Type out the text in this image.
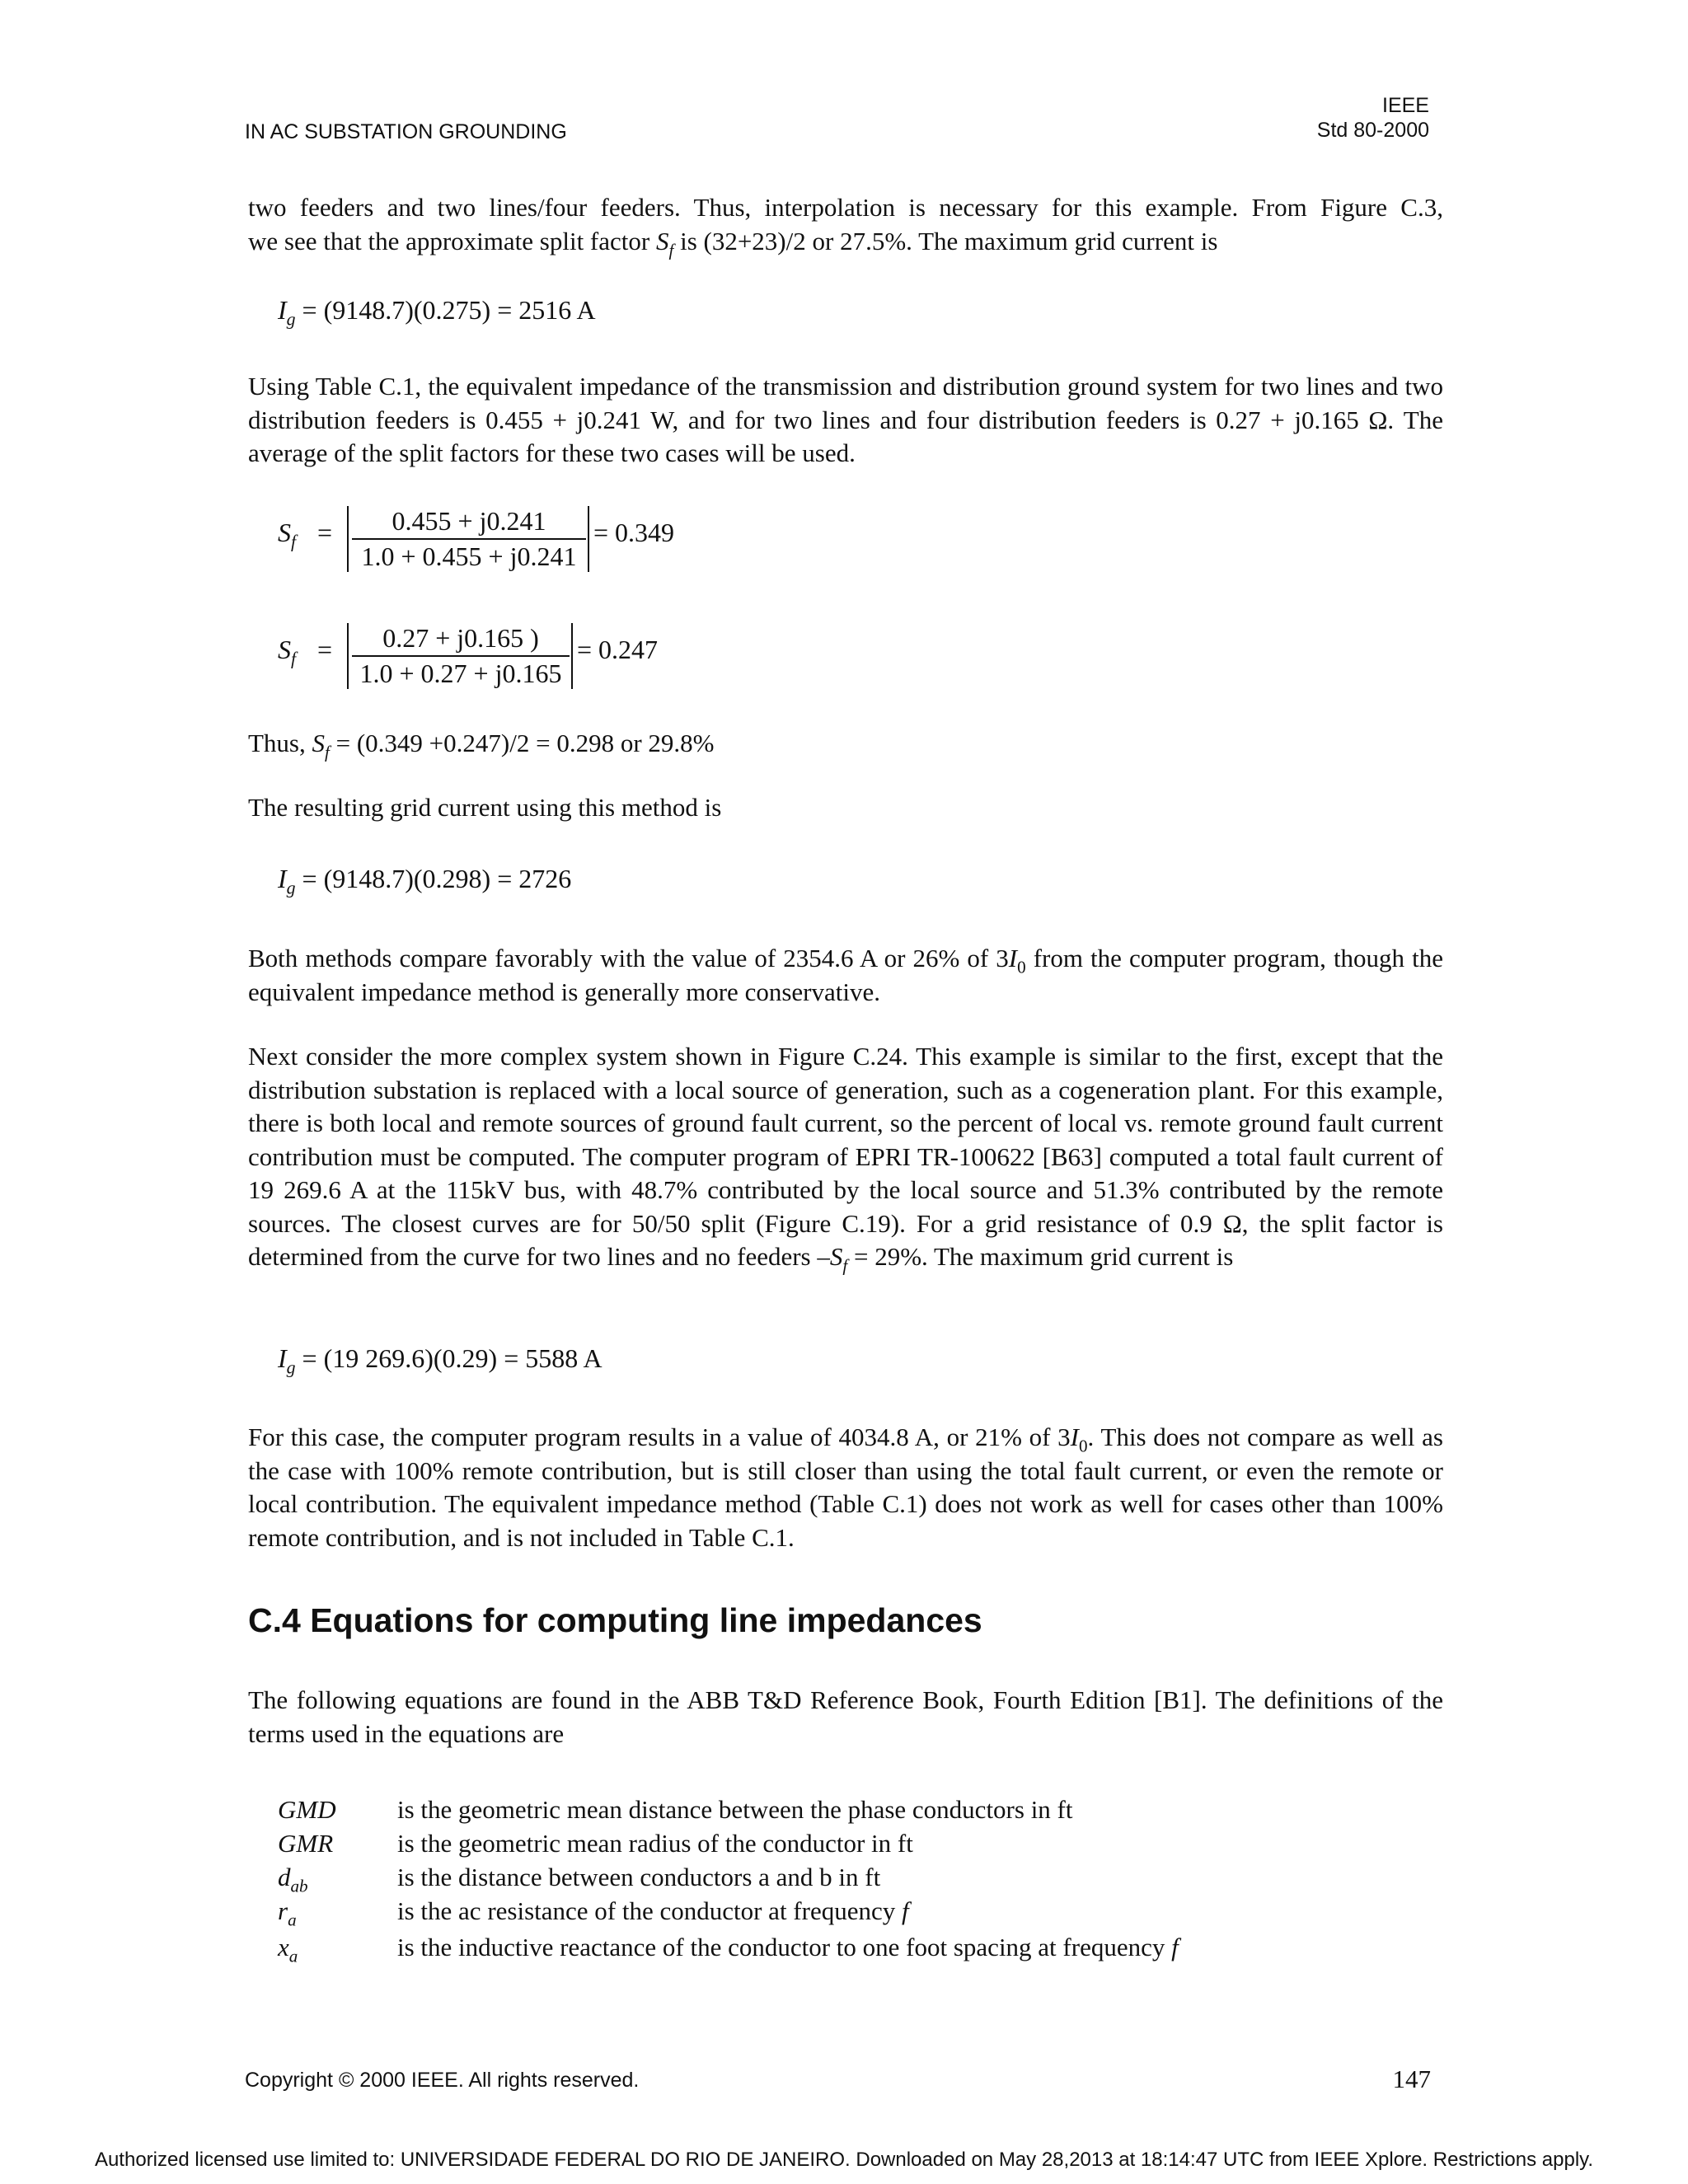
IN AC SUBSTATION GROUNDING
IEEE
Std 80-2000
two feeders and two lines/four feeders. Thus, interpolation is necessary for this example. From Figure C.3,
we see that the approximate split factor $S_f$ is (32+23)/2 or 27.5%. The maximum grid current is
$I_g = (9148.7)(0.275) = 2516$ A
Using Table C.1, the equivalent impedance of the transmission and distribution ground system for two lines and two distribution feeders is 0.455 + j0.241 W, and for two lines and four distribution feeders is 0.27 + j0.165 Ω. The average of the split factors for these two cases will be used.
$S_f = \frac{0.455 + j0.241}{1.0 + 0.455 + j0.241} = 0.349$
$S_f = \frac{0.27 + j0.165 )}{1.0 + 0.27 + j0.165} = 0.247$
Thus, $S_f = (0.349 +0.247)/2 = 0.298$ or 29.8%
The resulting grid current using this method is
$I_g = (9148.7)(0.298) = 2726$
Both methods compare favorably with the value of 2354.6 A or 26% of $3I_0$ from the computer program, though the equivalent impedance method is generally more conservative.
Next consider the more complex system shown in Figure C.24. This example is similar to the first, except that the distribution substation is replaced with a local source of generation, such as a cogeneration plant. For this example, there is both local and remote sources of ground fault current, so the percent of local vs. remote ground fault current contribution must be computed. The computer program of EPRI TR-100622 [B63] computed a total fault current of 19 269.6 A at the 115kV bus, with 48.7% contributed by the local source and 51.3% contributed by the remote sources. The closest curves are for 50/50 split (Figure C.19). For a grid resistance of 0.9 Ω, the split factor is determined from the curve for two lines and no feeders $-S_f = 29\%$. The maximum grid current is
$I_g = (19$ 269.6)(0.29) = 5588 A
For this case, the computer program results in a value of 4034.8 A, or 21% of $3I_0$. This does not compare as well as the case with 100% remote contribution, but is still closer than using the total fault current, or even the remote or local contribution. The equivalent impedance method (Table C.1) does not work as well for cases other than 100% remote contribution, and is not included in Table C.1.
C.4 Equations for computing line impedances
The following equations are found in the ABB T&D Reference Book, Fourth Edition [B1]. The definitions of the terms used in the equations are
GMD is the geometric mean distance between the phase conductors in ft
GMR	is the geometric mean radius of the conductor in ft
$d_{ab}$	is the distance between conductors a and b in ft
$r_a$	is the ac resistance of the conductor at frequency f
$x_a$	is the inductive reactance of the conductor to one foot spacing at frequency f
Copyright © 2000 IEEE. All rights reserved.	147
Authorized licensed use limited to: UNIVERSIDADE FEDERAL DO RIO DE JANEIRO. Downloaded on May 28,2013 at 18:14:47 UTC from IEEE Xplore. Restrictions apply.
